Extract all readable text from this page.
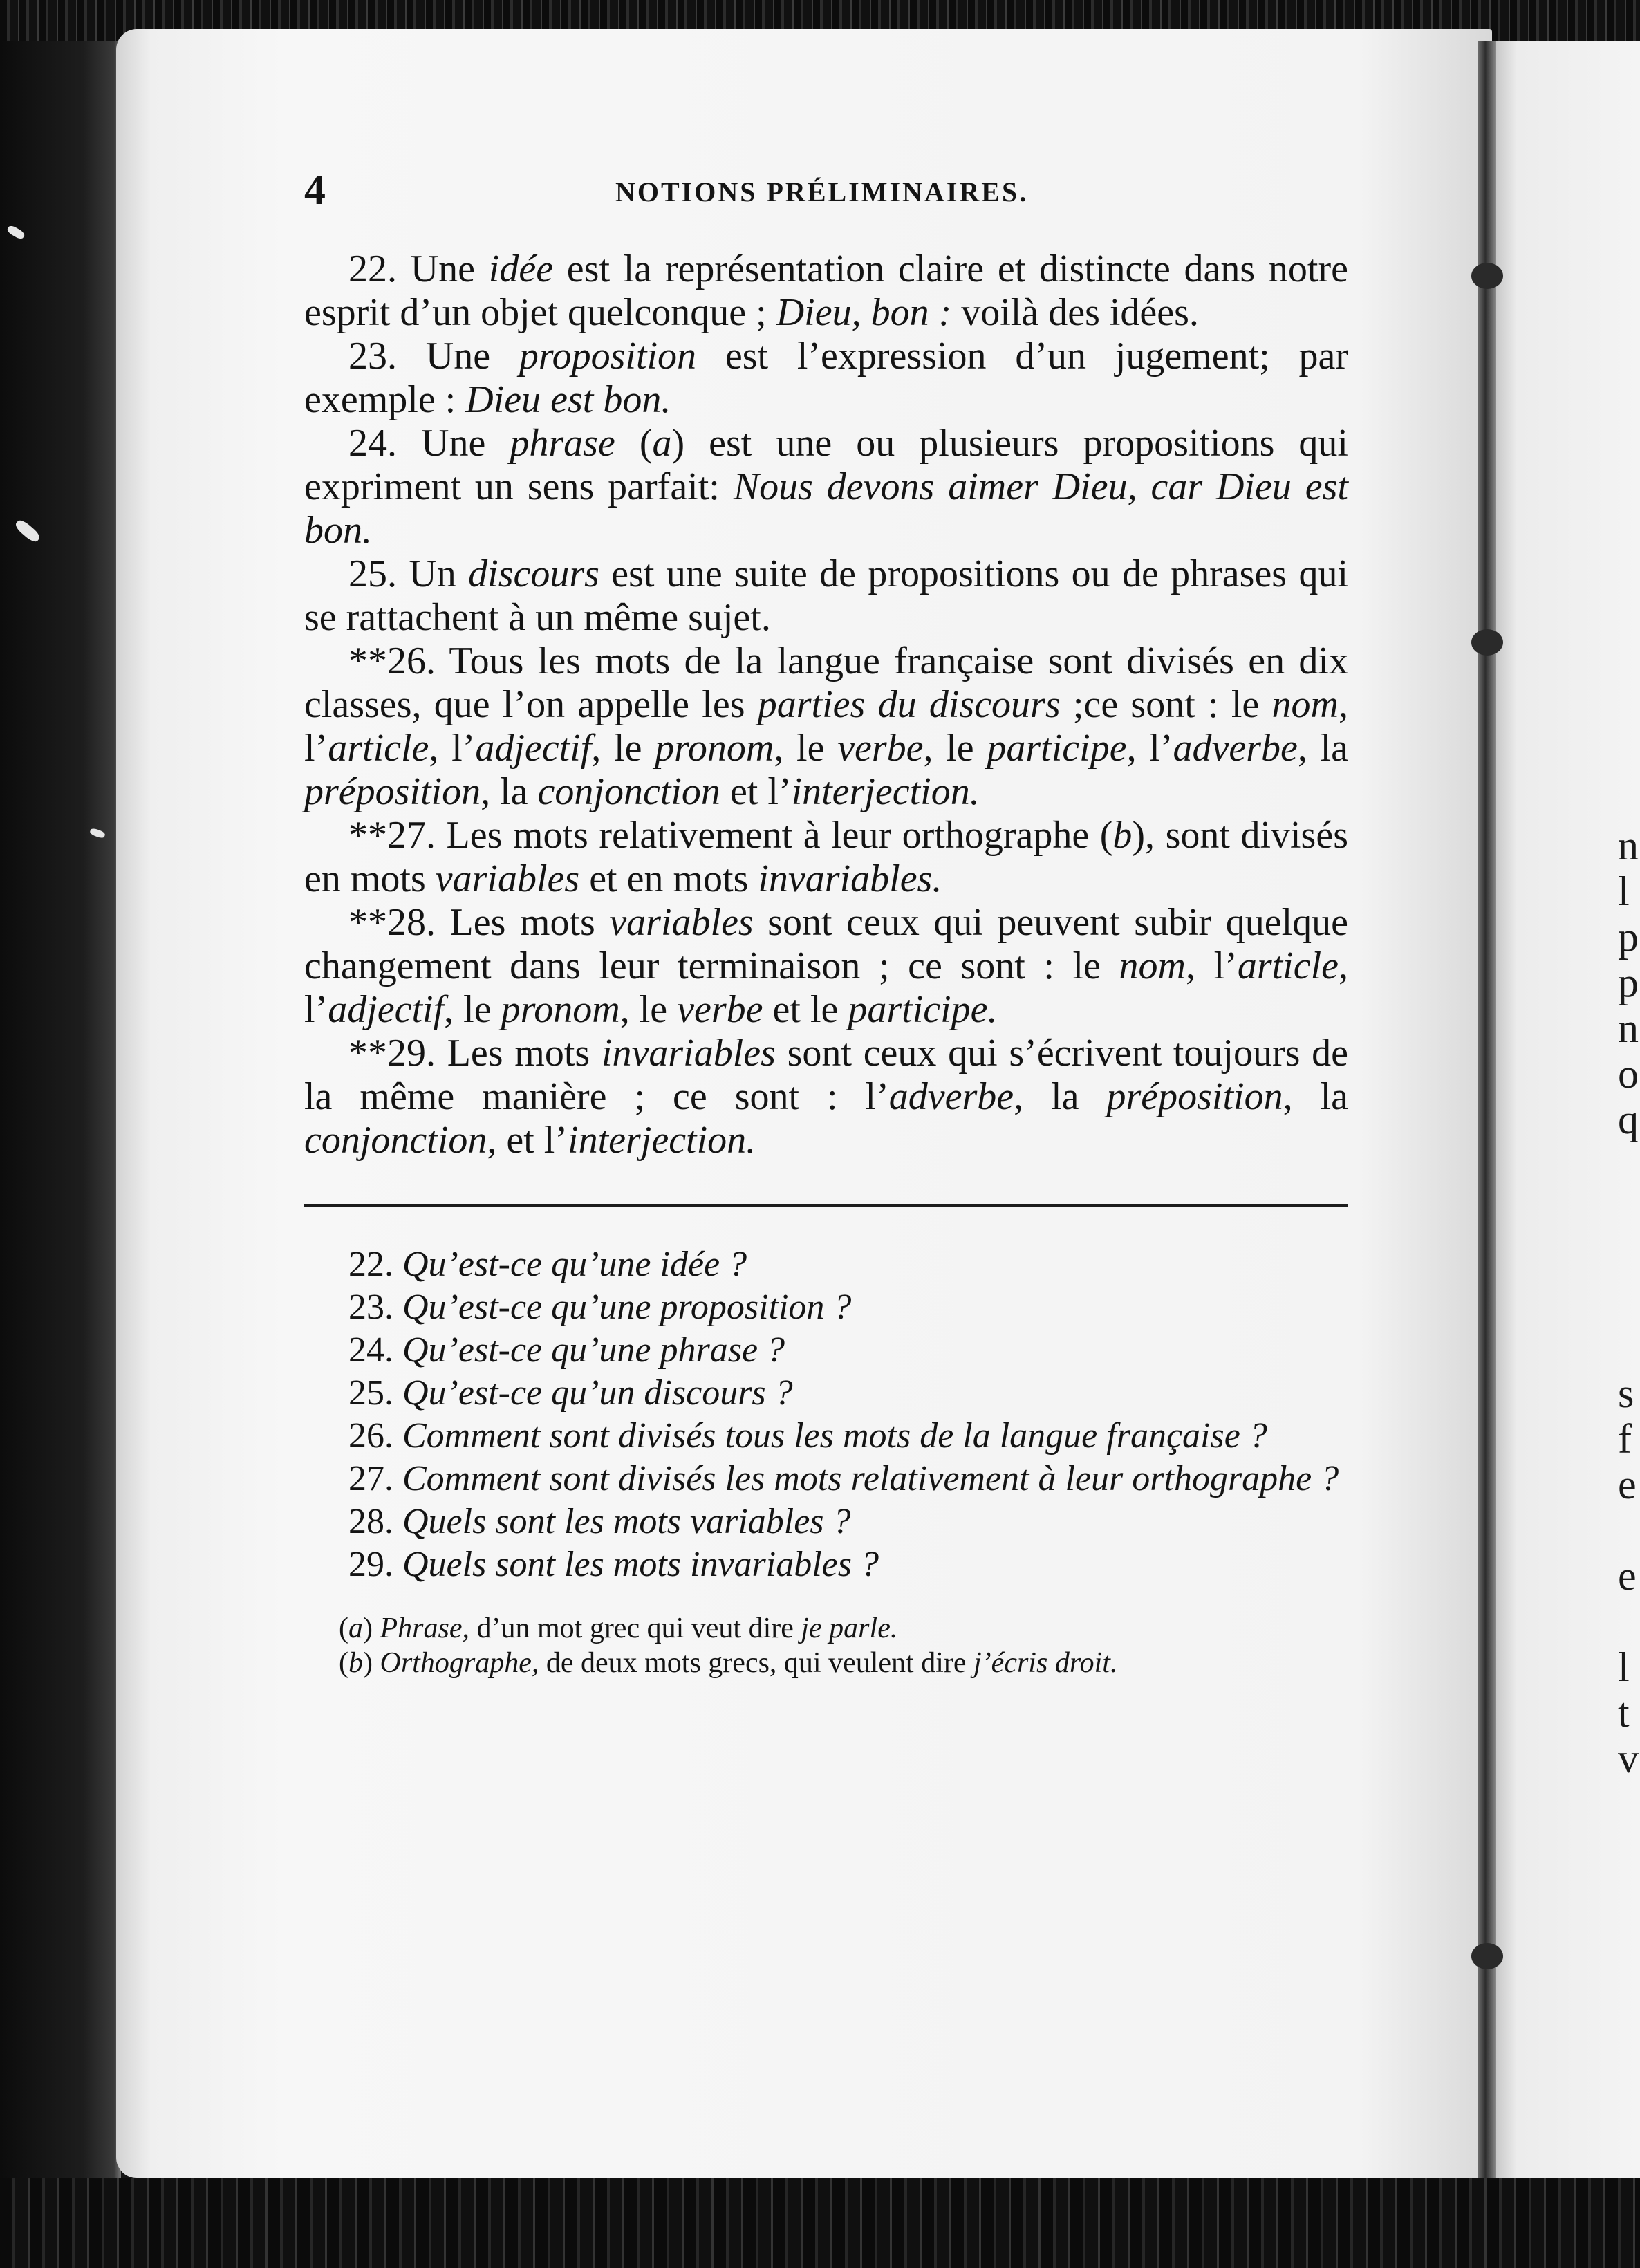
n
l
p
p
n
o
q

s
f
e

e

l
t
v
4	NOTIONS PRÉLIMINAIRES.

22. Une idée est la représentation claire et distincte dans notre esprit d’un objet quelconque ; Dieu, bon : voilà des idées.

23. Une proposition est l’expression d’un jugement; par exemple : Dieu est bon.

24. Une phrase (a) est une ou plusieurs propositions qui expriment un sens parfait: Nous devons aimer Dieu, car Dieu est bon.

25. Un discours est une suite de propositions ou de phrases qui se rattachent à un même sujet.

**26. Tous les mots de la langue française sont divisés en dix classes, que l’on appelle les parties du discours ;ce sont : le nom, l’article, l’adjectif, le pronom, le verbe, le participe, l’adverbe, la préposition, la conjonction et l’interjection.

**27. Les mots relativement à leur orthographe (b), sont divisés en mots variables et en mots invariables.

**28. Les mots variables sont ceux qui peuvent subir quelque changement dans leur terminaison ; ce sont : le nom, l’article, l’adjectif, le pronom, le verbe et le participe.

**29. Les mots invariables sont ceux qui s’écrivent toujours de la même manière ; ce sont : l’adverbe, la préposition, la conjonction, et l’interjection.

22. Qu’est-ce qu’une idée ?

23. Qu’est-ce qu’une proposition ?

24. Qu’est-ce qu’une phrase ?

25. Qu’est-ce qu’un discours ?

26. Comment sont divisés tous les mots de la langue française ?

27. Comment sont divisés les mots relativement à leur orthographe ?

28. Quels sont les mots variables ?

29. Quels sont les mots invariables ?

(a) Phrase, d’un mot grec qui veut dire je parle.

(b) Orthographe, de deux mots grecs, qui veulent dire j’écris droit.
